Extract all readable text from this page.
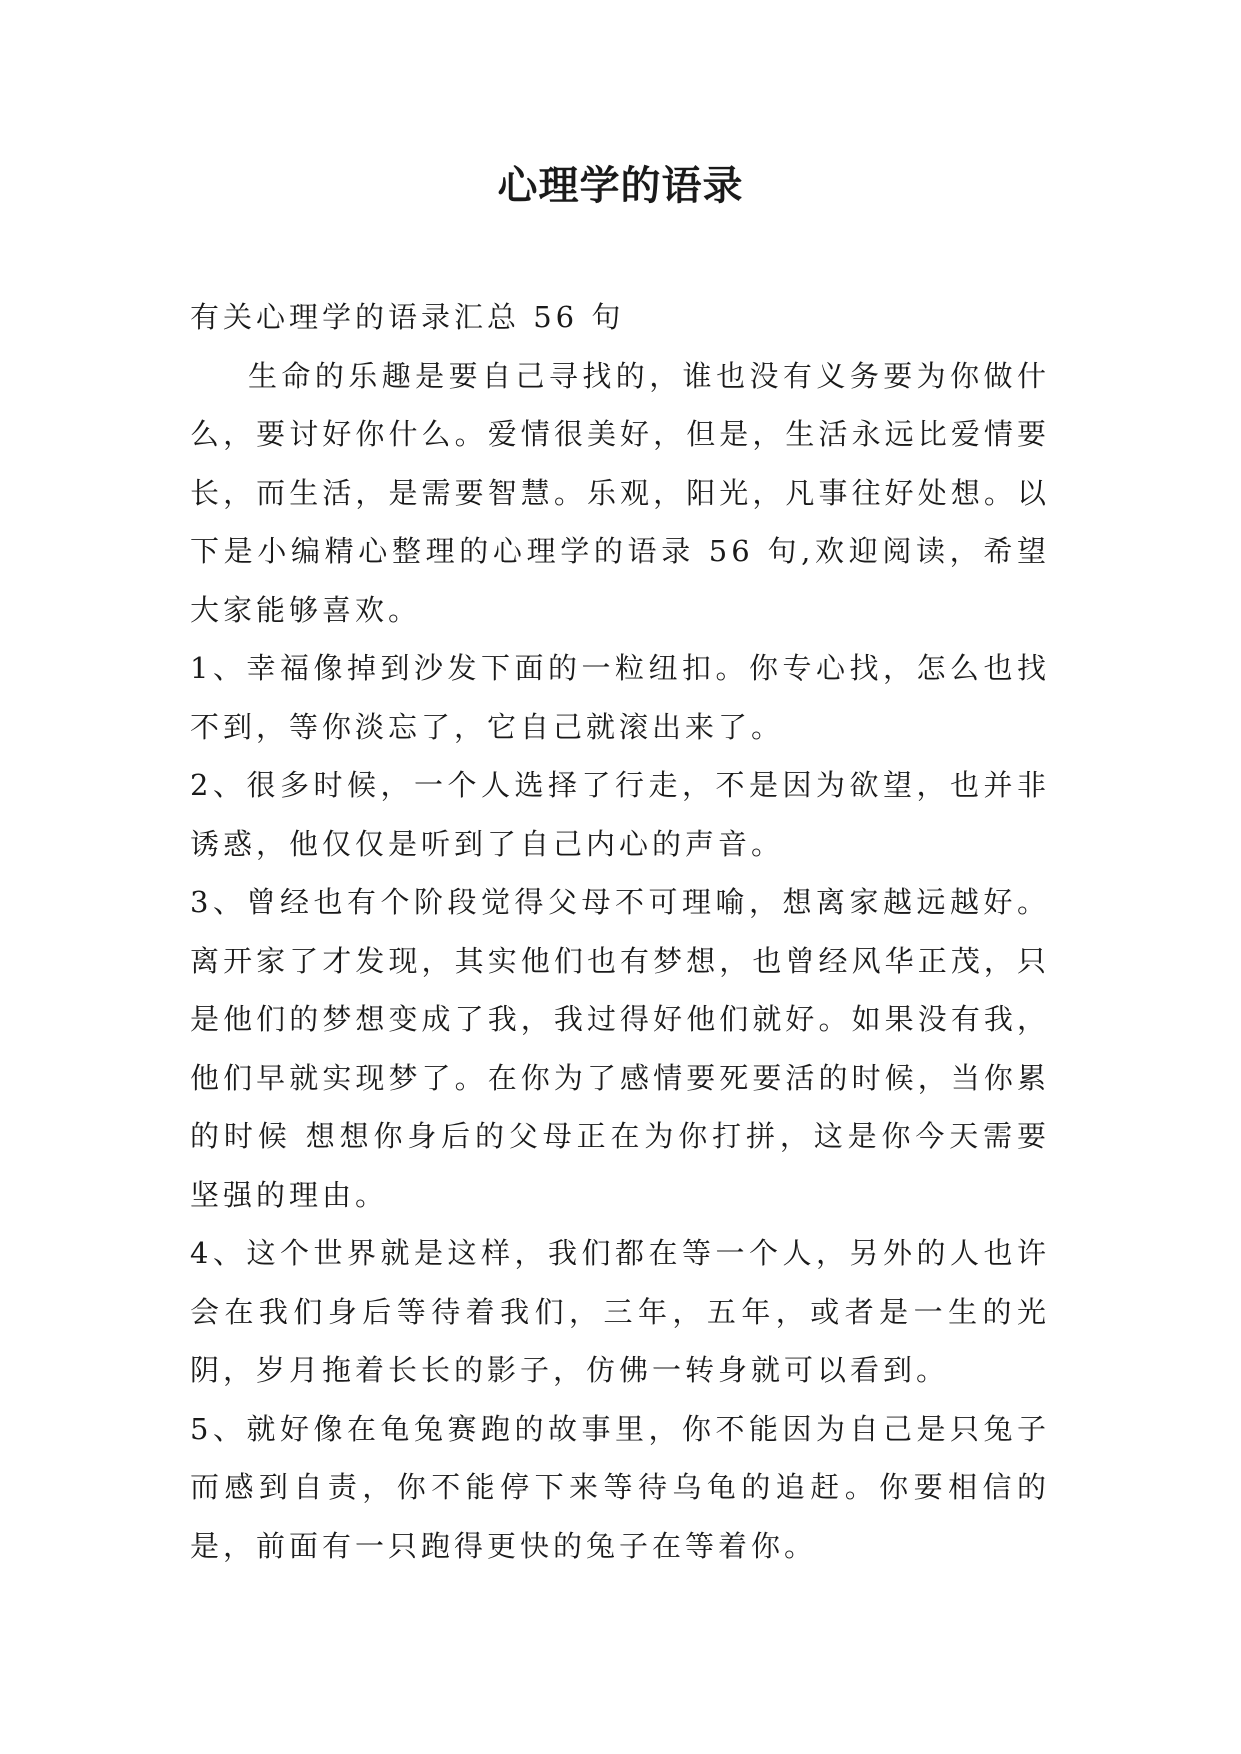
心理学的语录

有关心理学的语录汇总 56 句

生命的乐趣是要自己寻找的，谁也没有义务要为你做什么，要讨好你什么。爱情很美好，但是，生活永远比爱情要长，而生活，是需要智慧。乐观，阳光，凡事往好处想。以下是小编精心整理的心理学的语录 56 句,欢迎阅读，希望大家能够喜欢。

1、幸福像掉到沙发下面的一粒纽扣。你专心找，怎么也找不到，等你淡忘了，它自己就滚出来了。

2、很多时候，一个人选择了行走，不是因为欲望，也并非诱惑，他仅仅是听到了自己内心的声音。

3、曾经也有个阶段觉得父母不可理喻，想离家越远越好。离开家了才发现，其实他们也有梦想，也曾经风华正茂，只是他们的梦想变成了我，我过得好他们就好。如果没有我，他们早就实现梦了。在你为了感情要死要活的时候，当你累的时候 想想你身后的父母正在为你打拼，这是你今天需要坚强的理由。

4、这个世界就是这样，我们都在等一个人，另外的人也许会在我们身后等待着我们，三年，五年，或者是一生的光阴，岁月拖着长长的影子，仿佛一转身就可以看到。

5、就好像在龟兔赛跑的故事里，你不能因为自己是只兔子而感到自责，你不能停下来等待乌龟的追赶。你要相信的是，前面有一只跑得更快的兔子在等着你。
